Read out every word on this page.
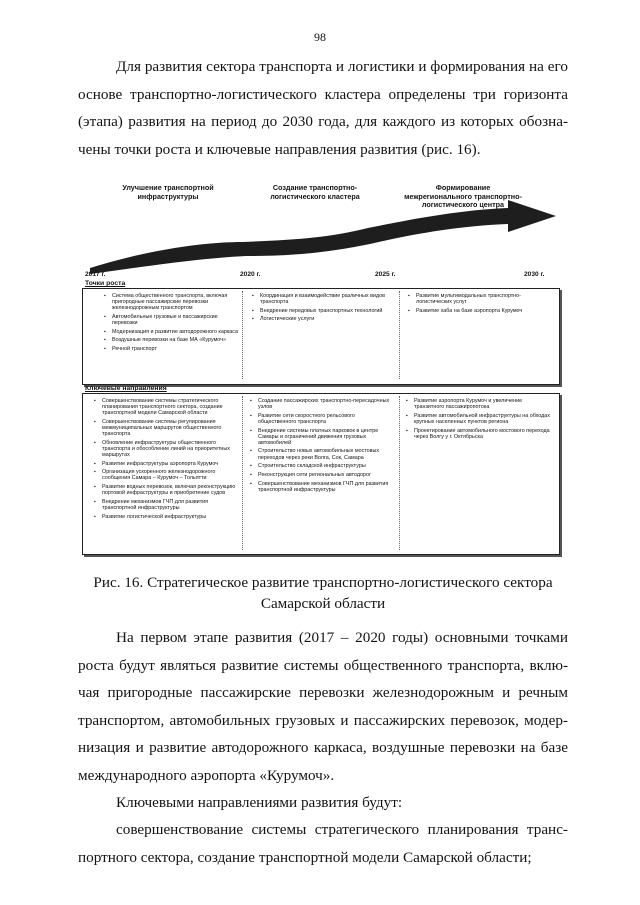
98
Для развития сектора транспорта и логистики и формирования на его
основе транспортно-логистического кластера определены три горизонта
(этапа) развития на период до 2030 года, для каждого из которых обозна-
чены точки роста и ключевые направления развития (рис. 16).
Улучшение транспортной инфраструктуры
Создание транспортно-логистического кластера
Формирование межрегионального транспортно-логистического центра
2017 г.	2020 г.	2025 г.	2030 г.
Точки роста
▪ Система общественного транспорта, включая пригородные пассажирские перевозки железнодорожным транспортом
▪ Автомобильные грузовые и пассажирские перевозки
▪ Модернизация и развитие автодорожного каркаса
▪ Воздушные перевозки на базе МА «Курумоч»
▪ Речной транспорт
▪ Координация и взаимодействие различных видов транспорта
▪ Внедрение передовых транспортных технологий
▪ Логистические услуги
▪ Развитие мультимодальных транспортно-логистических услуг
▪ Развитие хаба на базе аэропорта Курумоч
Ключевые направления
▪ Совершенствование системы стратегического планирования транспортного сектора, создание транспортной модели Самарской области
▪ Совершенствование системы регулирования межмуниципальных маршрутов общественного транспорта
▪ Обновление инфраструктуры общественного транспорта и обособление линий на приоритетных маршрутах
▪ Развитие инфраструктуры аэропорта Курумоч
▪ Организация ускоренного железнодорожного сообщения Самара – Курумоч – Тольятти
▪ Развитие водных перевозок, включая реконструкцию портовой инфраструктуры и приобретение судов
▪ Внедрение механизмов ГЧП для развития транспортной инфраструктуры
▪ Развитие логистической инфраструктуры
▪ Создание пассажирских транспортно-пересадочных узлов
▪ Развитие сети скоростного рельсового общественного транспорта
▪ Внедрение системы платных парковок в центре Самары и ограничений движения грузовых автомобилей
▪ Строительство новых автомобильных мостовых переходов через реки Волга, Сок, Самара
▪ Строительство складской инфраструктуры
▪ Реконструкция сети региональных автодорог
▪ Совершенствование механизмов ГЧП для развития транспортной инфраструктуры
▪ Развитие аэропорта Курумоч и увеличение транзитного пассажиропотока
▪ Развитие автомобильной инфраструктуры на обходах крупных населенных пунктов региона
▪ Проектирование автомобильного мостового перехода через Волгу у г. Октябрьска
Рис. 16. Стратегическое развитие транспортно-логистического сектора
Самарской области
На первом этапе развития (2017 – 2020 годы) основными точками
роста будут являться развитие системы общественного транспорта, вклю-
чая пригородные пассажирские перевозки железнодорожным и речным
транспортом, автомобильных грузовых и пассажирских перевозок, модер-
низация и развитие автодорожного каркаса, воздушные перевозки на базе
международного аэропорта «Курумоч».
Ключевыми направлениями развития будут:
совершенствование системы стратегического планирования транс-
портного сектора, создание транспортной модели Самарской области;
